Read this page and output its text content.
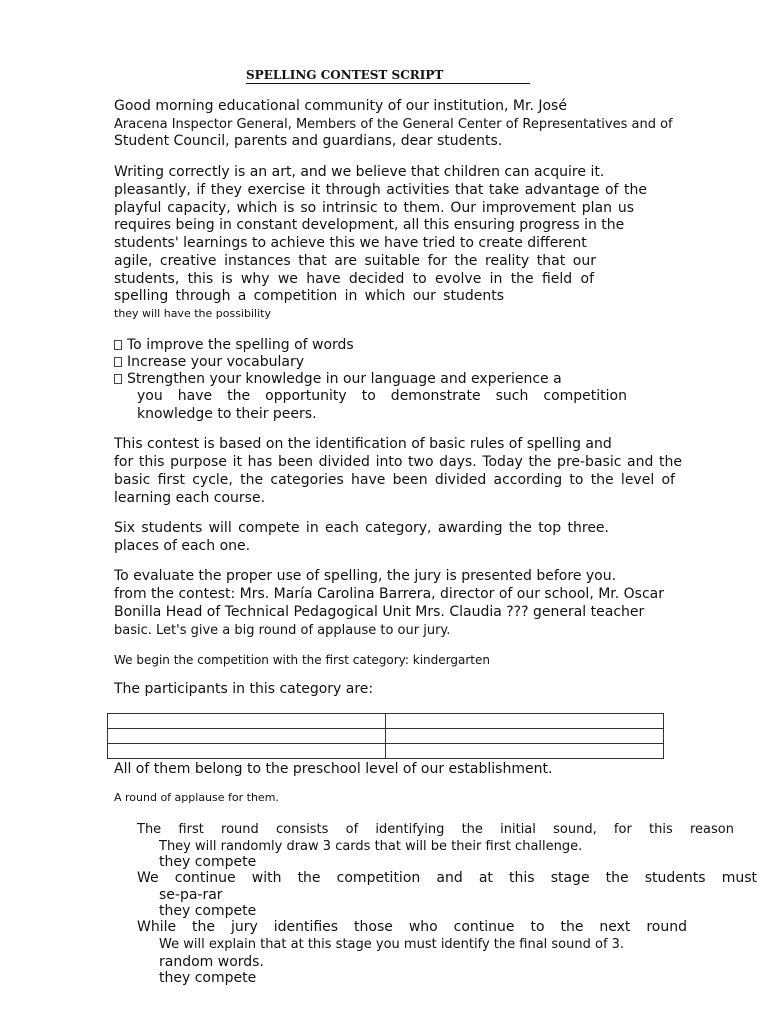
SPELLING CONTEST SCRIPT
Good morning educational community of our institution, Mr. José
Aracena Inspector General, Members of the General Center of Representatives and of
Student Council, parents and guardians, dear students.
Writing correctly is an art, and we believe that children can acquire it.
pleasantly, if they exercise it through activities that take advantage of the
playful capacity, which is so intrinsic to them. Our improvement plan us
requires being in constant development, all this ensuring progress in the
students' learnings to achieve this we have tried to create different
agile, creative instances that are suitable for the reality that our
students, this is why we have decided to evolve in the field of
spelling through a competition in which our students
they will have the possibility
To improve the spelling of words
Increase your vocabulary
Strengthen your knowledge in our language and experience a
you have the opportunity to demonstrate such competition
knowledge to their peers.
This contest is based on the identification of basic rules of spelling and
for this purpose it has been divided into two days. Today the pre-basic and the
basic first cycle, the categories have been divided according to the level of
learning each course.
Six students will compete in each category, awarding the top three.
places of each one.
To evaluate the proper use of spelling, the jury is presented before you.
from the contest: Mrs. María Carolina Barrera, director of our school, Mr. Oscar
Bonilla Head of Technical Pedagogical Unit Mrs. Claudia ??? general teacher
basic. Let's give a big round of applause to our jury.
We begin the competition with the first category: kindergarten
The participants in this category are:

All of them belong to the preschool level of our establishment.
A round of applause for them.
The first round consists of identifying the initial sound, for this reason
They will randomly draw 3 cards that will be their first challenge.
they compete
We continue with the competition and at this stage the students must
se-pa-rar
they compete
While the jury identifies those who continue to the next round
We will explain that at this stage you must identify the final sound of 3.
random words.
they compete
